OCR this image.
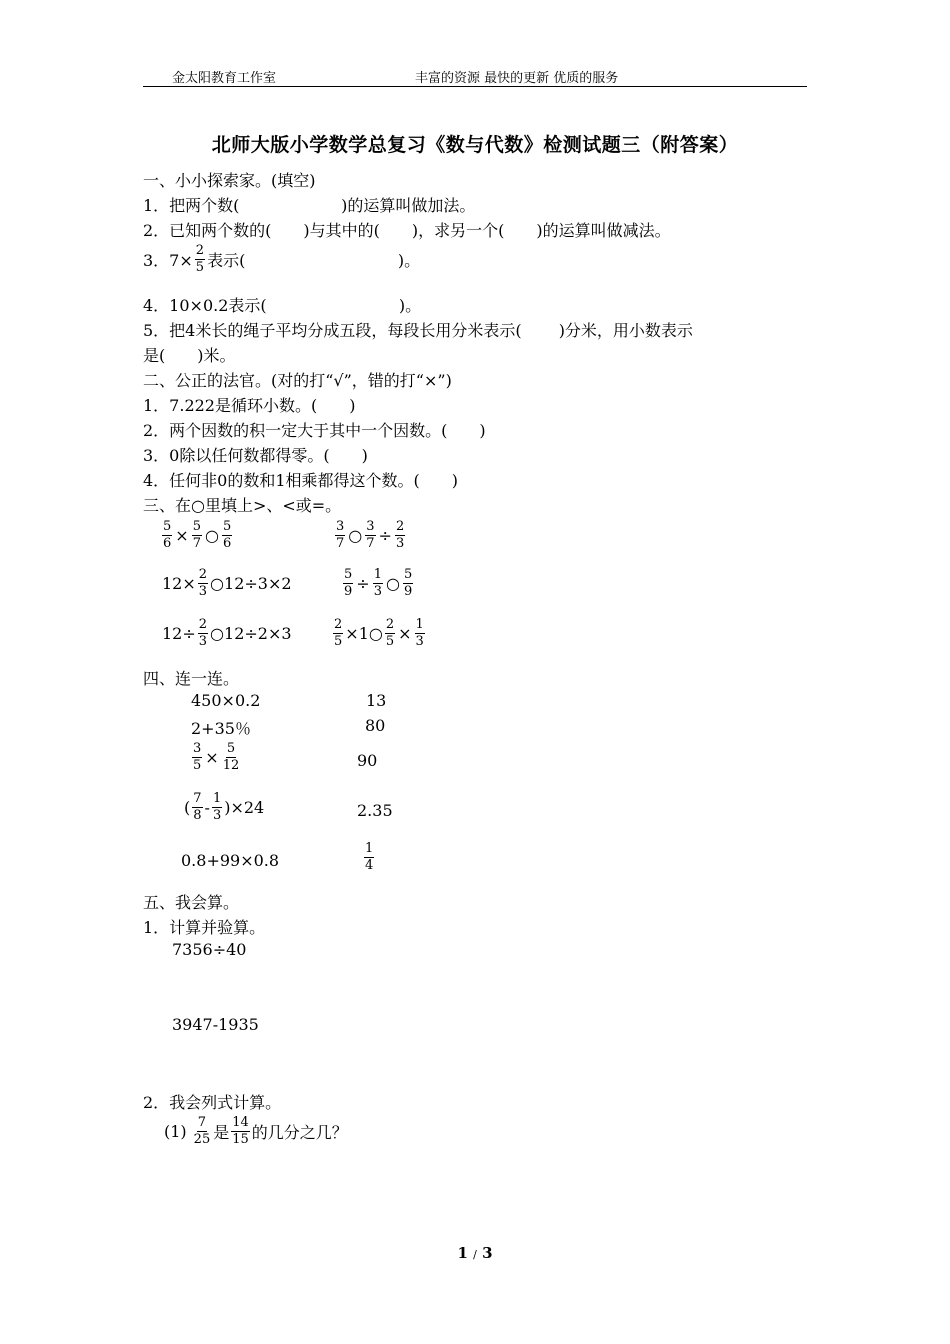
金太阳教育工作室	丰富的资源 最快的更新 优质的服务
北师大版小学数学总复习《数与代数》检测试题三（附答案）
一、小小探索家。(填空)
1．把两个数(                    )的运算叫做加法。
2．已知两个数的(　　)与其中的(　　)，求另一个(　　)的运算叫做减法。
3．$7\times \frac{2}{5}$ 表示(                              )。
4．10×0.2表示(                          )。
5．把4米长的绳子平均分成五段，每段长用分米表示(　　 )分米，用小数表示
是(　　)米。
二、公正的法官。(对的打“√”，错的打“×”)
1．7.222是循环小数。(　　)
2．两个因数的积一定大于其中一个因数。(　　)
3．0除以任何数都得零。(　　)
4．任何非0的数和1相乘都得这个数。(　　)
三、在○里填上>、<或=。
$\frac{5}{6} \times \frac{5}{7}$ ○ $\frac{5}{6}$	$\frac{3}{7}$ ○ $\frac{3}{7} \div \frac{2}{3}$
$12\times \frac{2}{3}$ ○12÷3×2	$\frac{5}{9} \div \frac{1}{3}$ ○ $\frac{5}{9}$
$12\div \frac{2}{3}$ ○12÷2×3	$\frac{2}{5}$ ×1○ $\frac{2}{5} \times \frac{1}{3}$
四、连一连。
450×0.2
2+35％
$\frac{3}{5} \times \frac{5}{12}$
( $\frac{7}{8} - \frac{1}{3} )\times 24$
0.8+99×0.8
13
80
90
2.35
$\frac{1}{4}$
五、我会算。
1．计算并验算。
7356÷40
3947-1935
2．我会列式计算。
$(1) \frac{7}{25}$ 是 $\frac{14}{15}$ 的几分之几？
1 / 3
